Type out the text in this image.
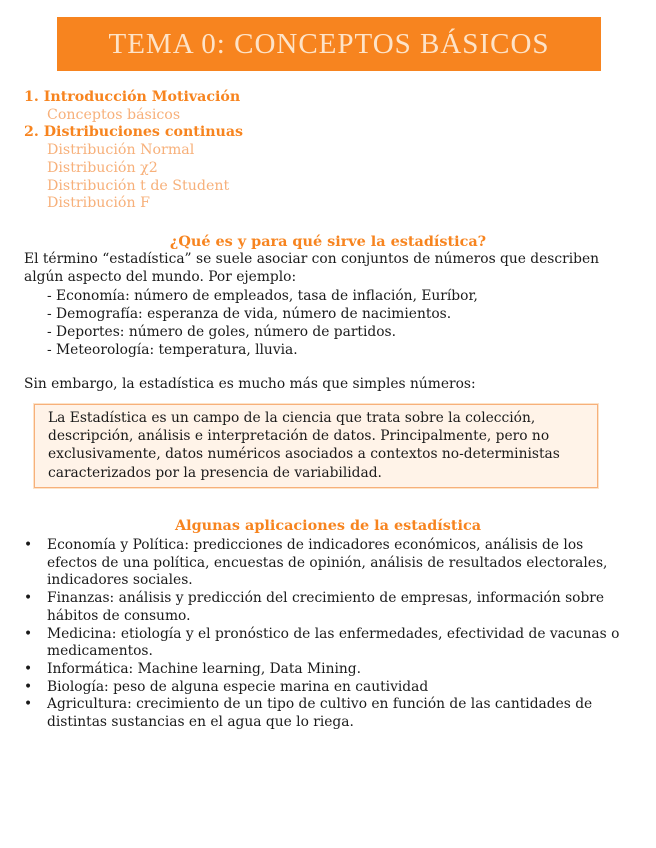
TEMA 0: CONCEPTOS BÁSICOS
1. Introducción Motivación
Conceptos básicos
2. Distribuciones continuas
Distribución Normal
Distribución χ2
Distribución t de Student
Distribución F
¿Qué es y para qué sirve la estadística?
El término “estadística” se suele asociar con conjuntos de números que describen algún aspecto del mundo. Por ejemplo:
- Economía: número de empleados, tasa de inflación, Euríbor,
- Demografía: esperanza de vida, número de nacimientos.
- Deportes: número de goles, número de partidos.
- Meteorología: temperatura, lluvia.
Sin embargo, la estadística es mucho más que simples números:
La Estadística es un campo de la ciencia que trata sobre la colección, descripción, análisis e interpretación de datos. Principalmente, pero no exclusivamente, datos numéricos asociados a contextos no-deterministas caracterizados por la presencia de variabilidad.
Algunas aplicaciones de la estadística
•	Economía y Política: predicciones de indicadores económicos, análisis de los efectos de una política, encuestas de opinión, análisis de resultados electorales, indicadores sociales.
•	Finanzas: análisis y predicción del crecimiento de empresas, información sobre hábitos de consumo.
•	Medicina: etiología y el pronóstico de las enfermedades, efectividad de vacunas o medicamentos.
•	Informática: Machine learning, Data Mining.
•	Biología: peso de alguna especie marina en cautividad
•	Agricultura: crecimiento de un tipo de cultivo en función de las cantidades de distintas sustancias en el agua que lo riega.
